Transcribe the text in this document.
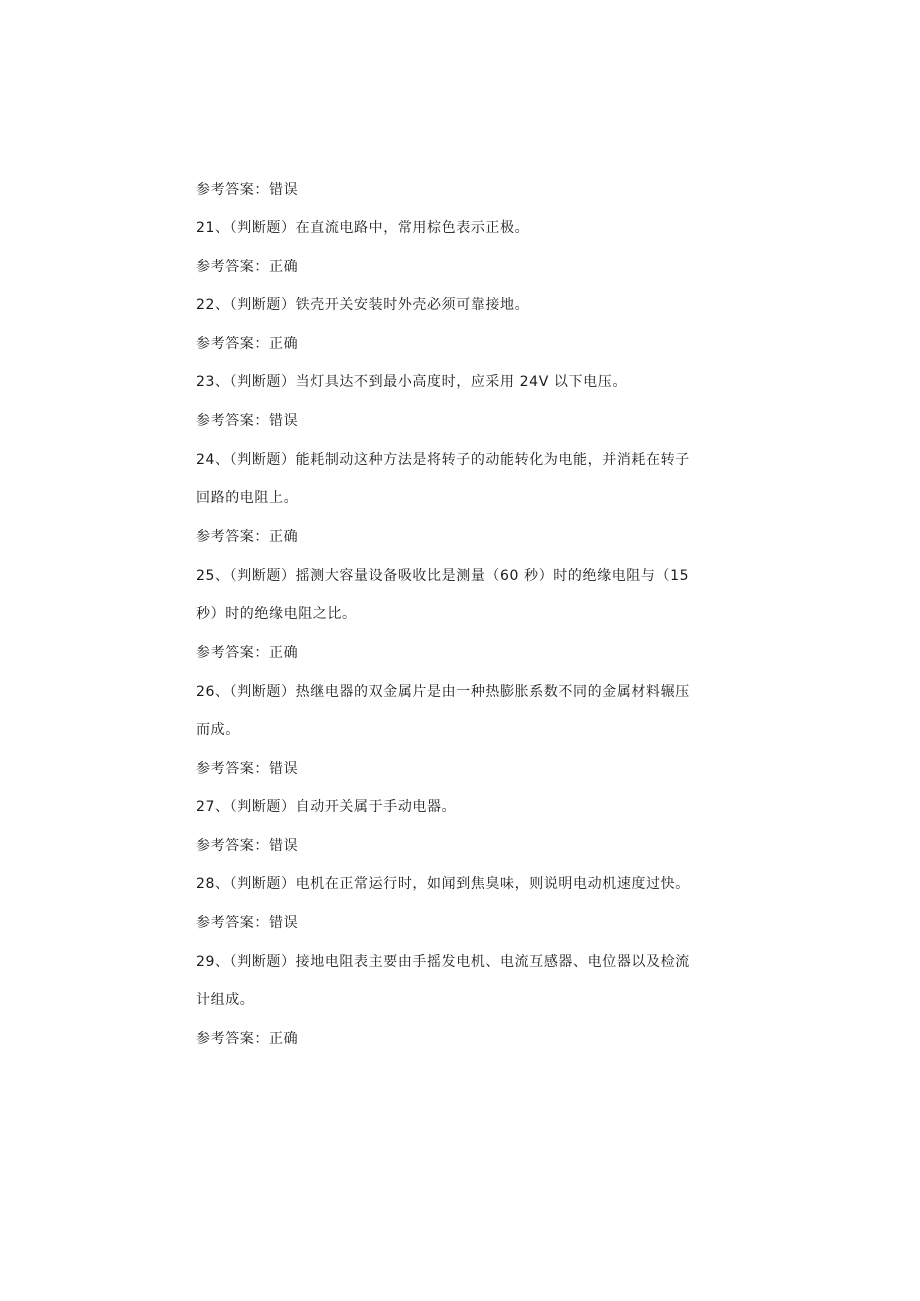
参考答案：错误
21、（判断题）在直流电路中，常用棕色表示正极。
参考答案：正确
22、（判断题）铁壳开关安装时外壳必须可靠接地。
参考答案：正确
23、（判断题）当灯具达不到最小高度时，应采用 24V 以下电压。
参考答案：错误
24、（判断题）能耗制动这种方法是将转子的动能转化为电能，并消耗在转子
回路的电阻上。
参考答案：正确
25、（判断题）摇测大容量设备吸收比是测量（60 秒）时的绝缘电阻与（15
秒）时的绝缘电阻之比。
参考答案：正确
26、（判断题）热继电器的双金属片是由一种热膨胀系数不同的金属材料辗压
而成。
参考答案：错误
27、（判断题）自动开关属于手动电器。
参考答案：错误
28、（判断题）电机在正常运行时，如闻到焦臭味，则说明电动机速度过快。
参考答案：错误
29、（判断题）接地电阻表主要由手摇发电机、电流互感器、电位器以及检流
计组成。
参考答案：正确
